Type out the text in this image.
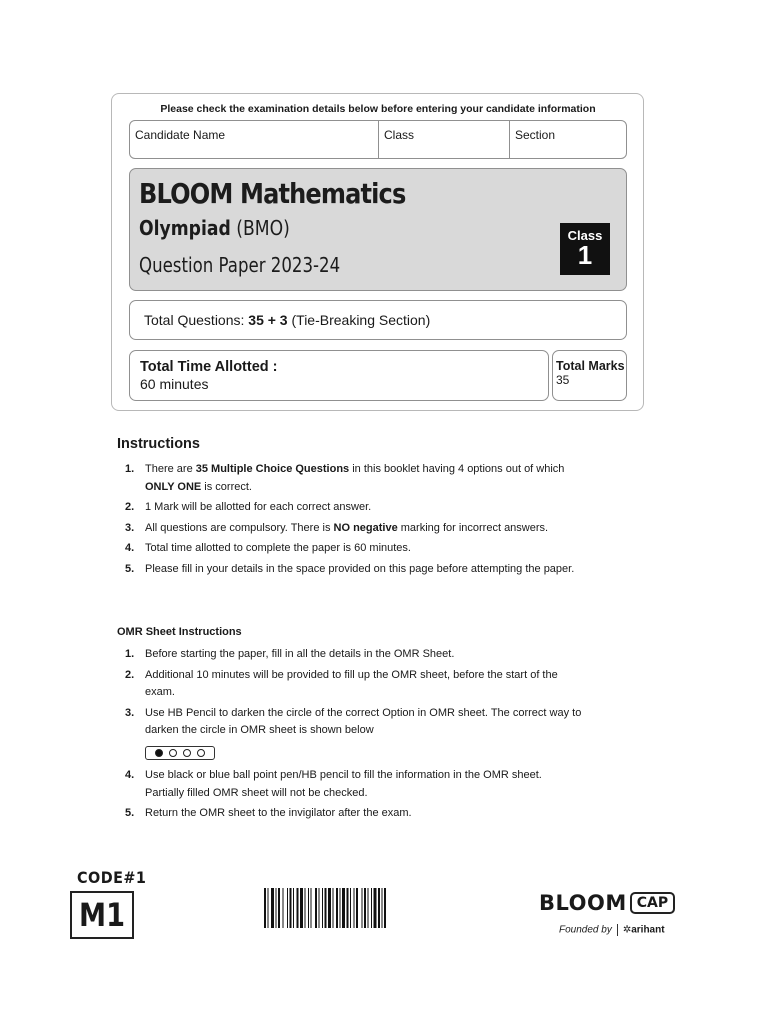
Please check the examination details below before entering your candidate information
Candidate Name	Class	Section
BLOOM Mathematics
Olympiad (BMO)
Question Paper 2023-24
Class
1
Total Questions: 35 + 3 (Tie-Breaking Section)
Total Time Allotted :
60 minutes
Total Marks
35
Instructions
1. There are 35 Multiple Choice Questions in this booklet having 4 options out of which ONLY ONE is correct.
2. 1 Mark will be allotted for each correct answer.
3. All questions are compulsory. There is NO negative marking for incorrect answers.
4. Total time allotted to complete the paper is 60 minutes.
5. Please fill in your details in the space provided on this page before attempting the paper.
OMR Sheet Instructions
1. Before starting the paper, fill in all the details in the OMR Sheet.
2. Additional 10 minutes will be provided to fill up the OMR sheet, before the start of the exam.
3. Use HB Pencil to darken the circle of the correct Option in OMR sheet. The correct way to darken the circle in OMR sheet is shown below

4. Use black or blue ball point pen/HB pencil to fill the information in the OMR sheet. Partially filled OMR sheet will not be checked.
5. Return the OMR sheet to the invigilator after the exam.
CODE#1
M1	BLOOM CAP
Founded by ✲arihant
